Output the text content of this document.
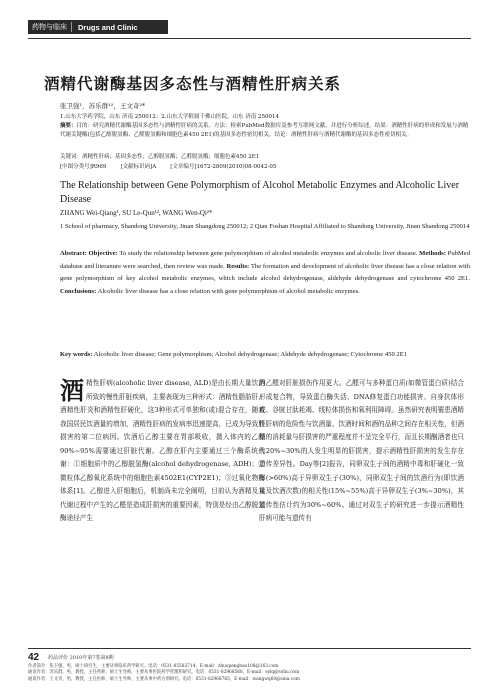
药物与临床	Drugs and Clinic
酒精代谢酶基因多态性与酒精性肝病关系
张卫强¹，苏乐群¹²，王文奇²*
1.山东大学药学院，山东 济南 250012；2.山东大学附属千佛山医院，山东 济南 250014
摘要：目的：研究酒精代谢酶基因多态性与酒精性肝病的关系。方法：检索PubMed数据库及参考互联网文献，并进行分析综述。结果：酒精性肝病的形成和发展与酒精代谢关键酶(包括乙醇脱氢酶、乙醛脱氢酶和细胞色素450 2E1)的基因多态性密切相关。结论：酒精性肝病与酒精代谢酶的基因多态性密切相关。
关键词：酒精性肝病；基因多态性；乙醇脱氢酶；乙醛脱氢酶；细胞色素450 2E1
[中图分类号]R969	[文献标识码]A	[文章编号]1672-2809(2010)08-0042-05
The Relationship between Gene Polymorphism of Alcohol Metabolic Enzymes and Alcoholic Liver Disease
ZHANG Wei-Qiang¹, SU Le-Qun¹², WANG Wen-Qi²*
1 School of pharmacy, Shandong University, Jinan Shangdong 250012; 2 Qian Foshan Hospital Affiliated to Shandong University, Jinan Shandong 250014
Abstract: Objective: To study the relationship between gene polymorphism of alcohol metabolic enzymes and alcoholic liver disease. Methods: PubMed database and literanure were searched, then review was made. Results: The formation and development of alcoholic liver disease has a close relation with gene polymorphism of key alcohol metabolic enzymes, which include alcohol dehydrogenase, aldehyde dehydrogenase and cytochrome 450 2E1. Conclusions: Alcoholic liver disease has a close relation with gene polymorphism of alcohol metabolic enzymes.
Key words: Alcoholic liver disease; Gene polymorphism; Alcohol dehydrogenase; Aldehyde dehydrogenase; Cytochrome 450 2E1
酒精性肝病(alcoholic liver disease, ALD)是由长期大量饮酒所致的慢性肝脏疾病，主要表现为三种形式：酒精性脂肪肝、酒精性肝炎和酒精性肝硬化，这3种形式可单独和(或)混合存在，随着我国居民饮酒量的增加，酒精性肝病的发病率迅速提高，已成为导致肝损害的第二位病因。饮酒后乙醇主要在胃部吸收，摄入体内的乙醇90%~95%需要通过肝脏代谢。乙醇在肝内主要通过三个酶系统代谢：①细胞质中的乙醇脱氢酶(alcohol dehydrogenase, ADH)；②微粒体乙醇氧化系统中的细胞色素4502E1(CYP2E1)；③过氧化物酶体系[1]。乙醇进入肝细胞后，机制尚未完全阐明，目前认为酒精及其代谢过程中产生的乙醛是造成肝损害的重要因素，特别是经由乙醇脱氢酶途径产生
的乙醛对肝脏损伤作用更大。乙醛可与多种蛋白质(如微管蛋白质)结合形成复合物，导致蛋白酶失活、DNA修复蛋白功能损害、自身抗体形成、谷胱甘肽耗竭、线粒体损伤和氧利用障碍。虽然研究表明罹患酒精性肝病的危险性与饮酒量、饮酒时间和酒的品种之间存在相关性，但酒精的消耗量与肝损害的严重程度并不呈完全平行，而且长期酗酒者也只有20%~30%的人发生明显的肝损害，提示酒精性肝损害的发生存在遗传差异性。Day等[2]报告，同卵双生子间的酒精中毒和肝硬化一致率(>60%)高于异卵双生子(30%)，同卵双生子间的饮酒行为(即饮酒量及饮酒次数)的相关性(15%~55%)高于异卵双生子(3%~30%)，其遗传性估计约为30%~60%。通过对双生子的研究进一步提示酒精性肝病可能与遗传有
42 药品评价 2010年第7卷第8期
作者简介：张卫强，男，硕士研究生，主要从事临床药学研究。电话：0531-85583714，E-mail：zhuopenghao108@163.com
通讯作者：苏乐群，男，教授，主任药师，硕士生导师，主要从事医院药学管理和研究。电话：0531-82968568，E-mail：sylq@sohu.com
通讯作者：王文奇，男，教授，主任医师，硕士生导师，主要从事中药方剂研究。电话：0531-82968765，E-mail：wangwq60@sina.com
